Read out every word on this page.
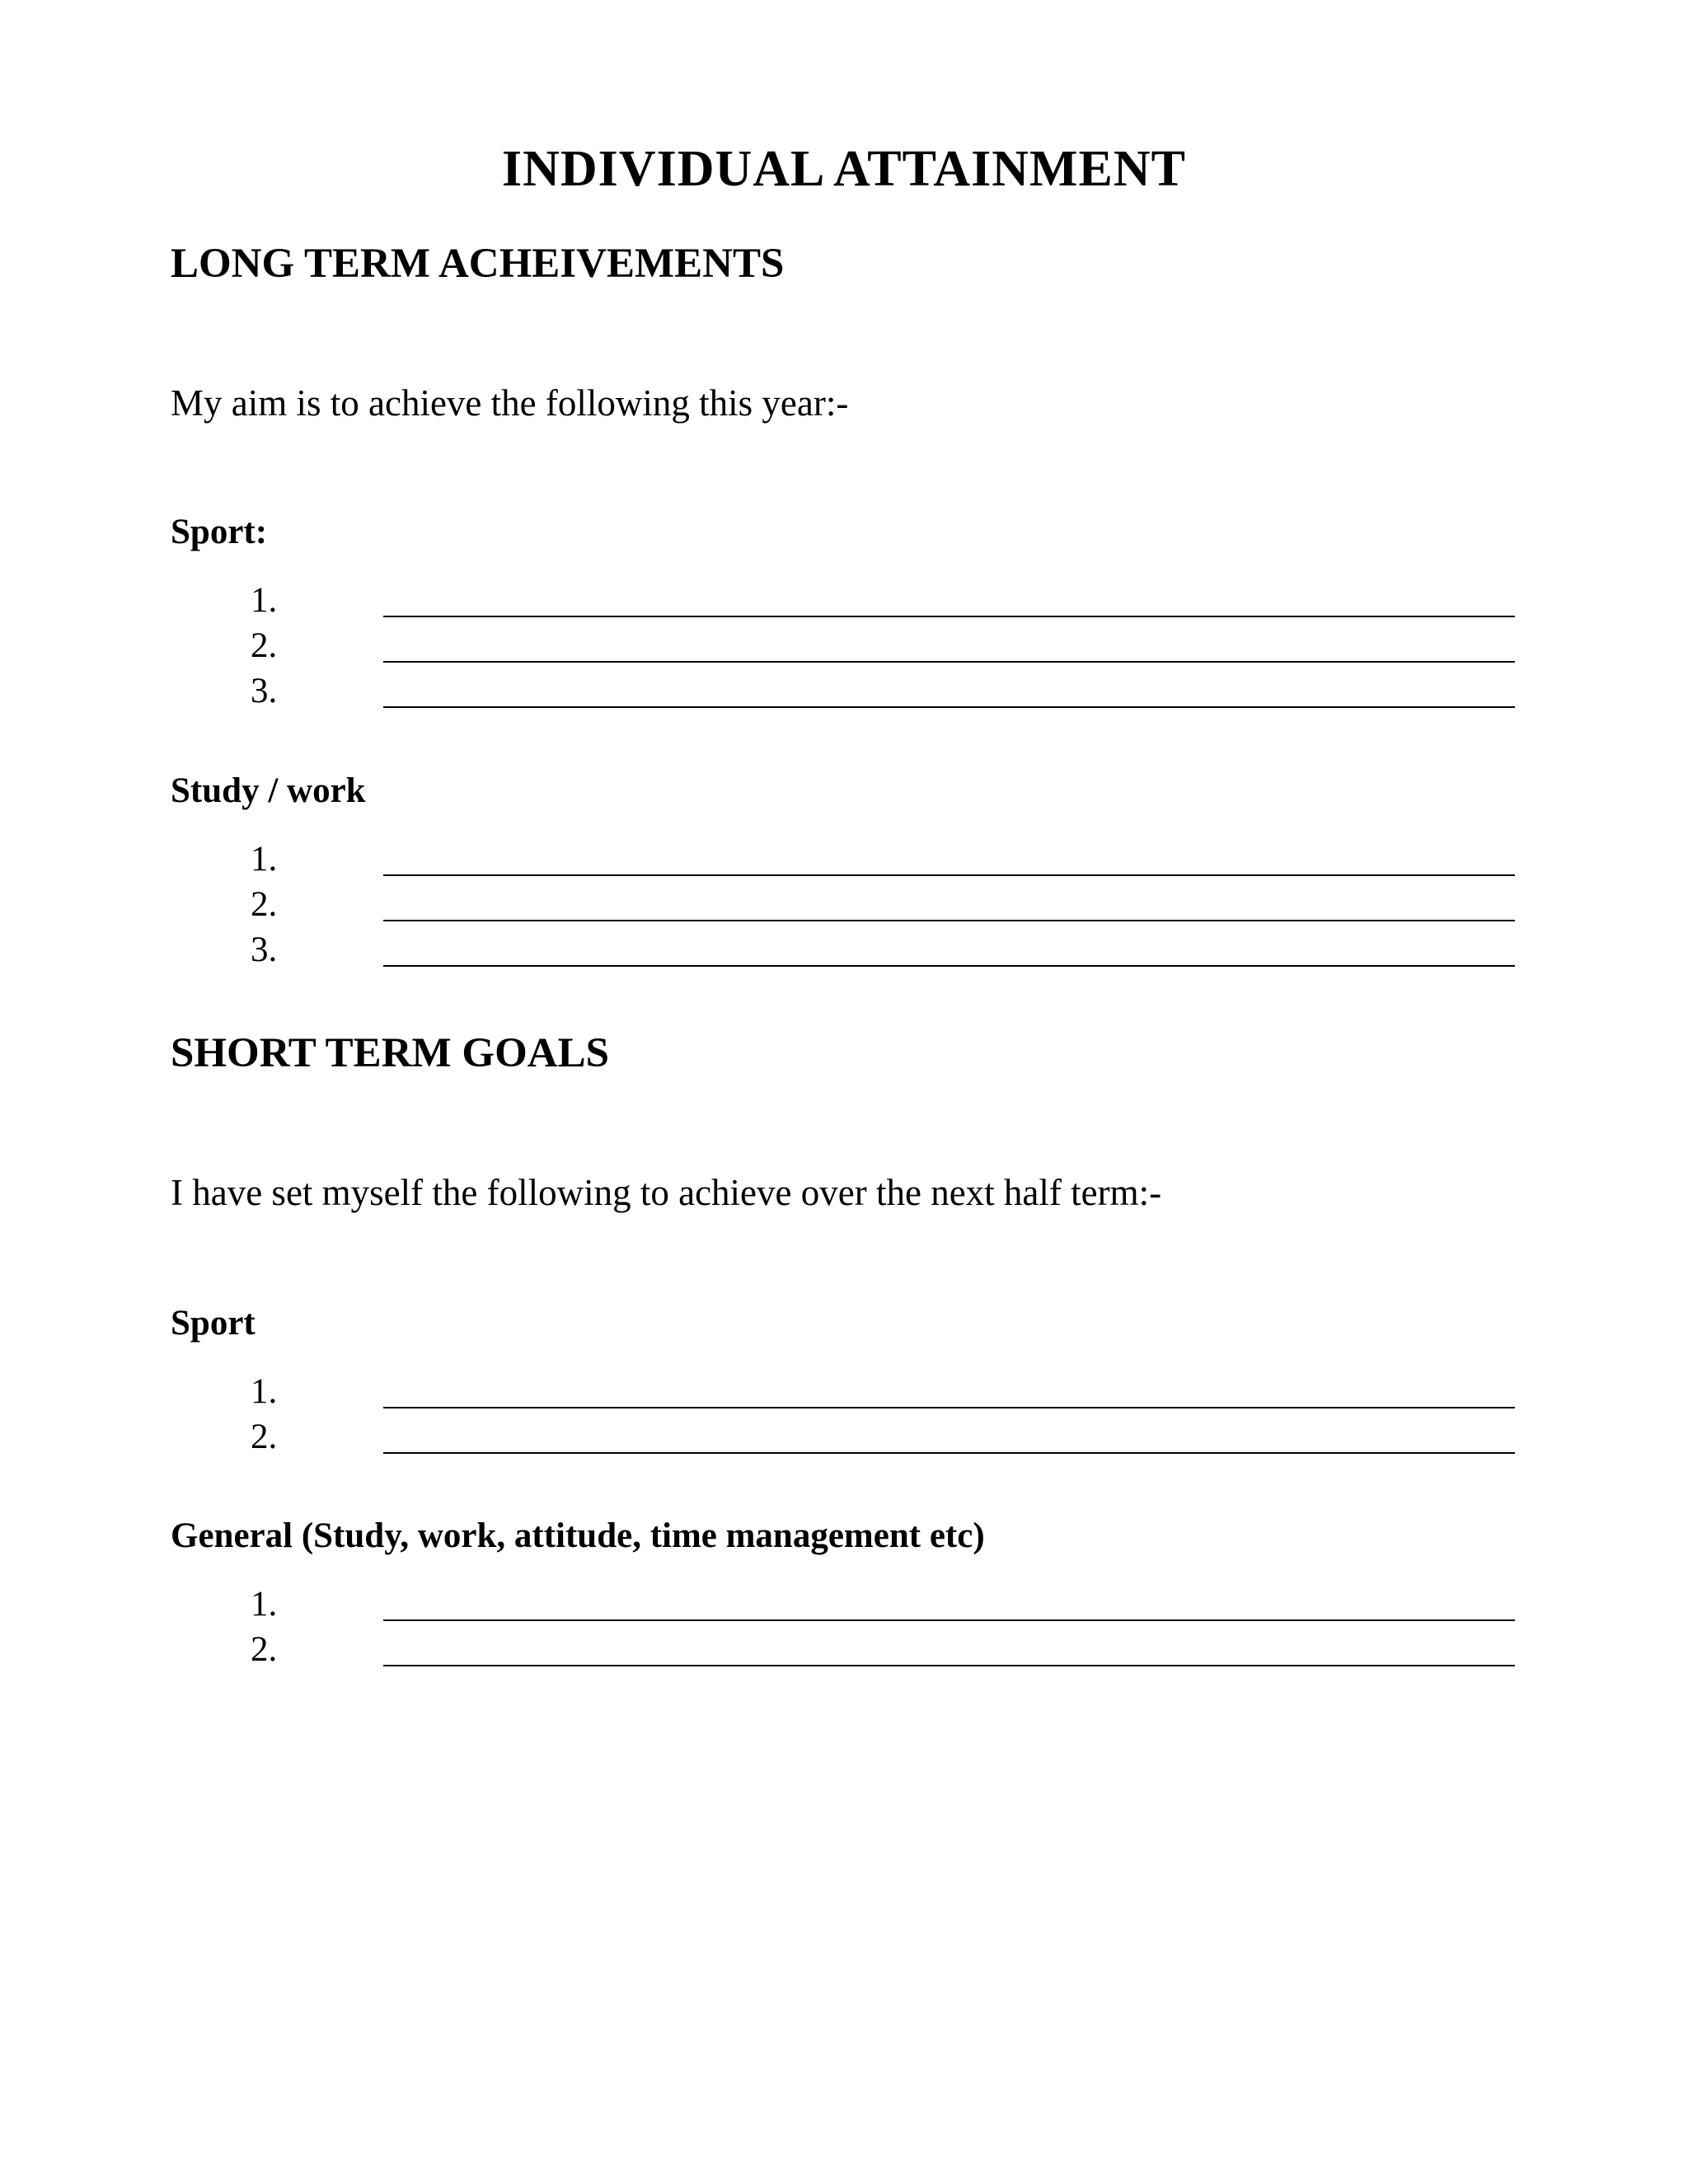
INDIVIDUAL ATTAINMENT
LONG TERM ACHEIVEMENTS

My aim is to achieve the following this year:-

Sport:
1.
2.
3.
Study / work
1.
2.
3.
SHORT TERM GOALS

I have set myself the following to achieve over the next half term:-

Sport
1.
2.
General (Study, work, attitude, time management etc)
1.
2.
